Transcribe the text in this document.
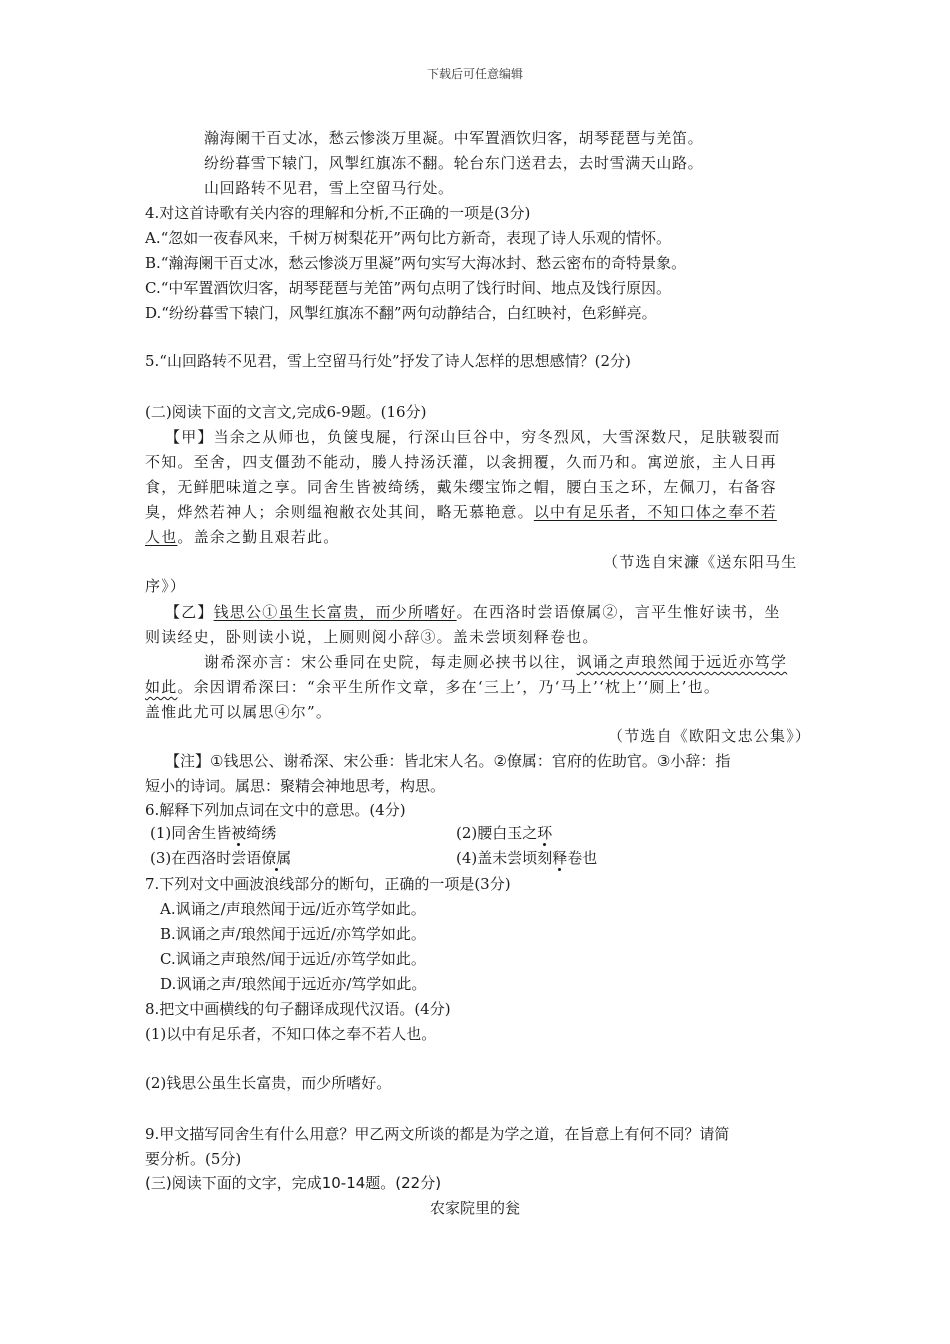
下载后可任意编辑
瀚海阑干百丈冰，愁云惨淡万里凝。中军置酒饮归客，胡琴琵琶与羌笛。
纷纷暮雪下辕门，风掣红旗冻不翻。轮台东门送君去，去时雪满天山路。
山回路转不见君，雪上空留马行处。
4.对这首诗歌有关内容的理解和分析,不正确的一项是(3分)
A.“忽如一夜春风来，千树万树梨花开”两句比方新奇，表现了诗人乐观的情怀。
B.“瀚海阑干百丈冰，愁云惨淡万里凝”两句实写大海冰封、愁云密布的奇特景象。
C.“中军置酒饮归客，胡琴琵琶与羌笛”两句点明了饯行时间、地点及饯行原因。
D.“纷纷暮雪下辕门，风掣红旗冻不翻”两句动静结合，白红映衬，色彩鲜亮。
5.“山回路转不见君，雪上空留马行处”抒发了诗人怎样的思想感情？(2分)
(二)阅读下面的文言文,完成6-9题。(16分)
【甲】当余之从师也，负箧曳屣，行深山巨谷中，穷冬烈风，大雪深数尺，足肤皲裂而
不知。至舍，四支僵劲不能动，媵人持汤沃灌，以衾拥覆，久而乃和。寓逆旅，主人日再
食，无鲜肥味道之享。同舍生皆被绮绣，戴朱缨宝饰之帽，腰白玉之环，左佩刀，右备容
臭，烨然若神人；余则缊袍敝衣处其间，略无慕艳意。以中有足乐者，不知口体之奉不若
人也。盖余之勤且艰若此。
（节选自宋濂《送东阳马生
序》）
【乙】钱思公①虽生长富贵，而少所嗜好。在西洛时尝语僚属②，言平生惟好读书，坐
则读经史，卧则读小说，上厕则阅小辞③。盖未尝顷刻释卷也。
谢希深亦言：宋公垂同在史院，每走厕必挟书以往，讽诵之声琅然闻于远近亦笃学
如此。余因谓希深曰：“余平生所作文章，多在‘三上’，乃‘马上’‘枕上’‘厕上’也。
盖惟此尤可以属思④尔”。
（节选自《欧阳文忠公集》）
【注】①钱思公、谢希深、宋公垂：皆北宋人名。②僚属：官府的佐助官。③小辞：指
短小的诗词。属思：聚精会神地思考，构思。
6.解释下列加点词在文中的意思。(4分)
(1)同舍生皆被绮绣	(2)腰白玉之环
(3)在西洛时尝语僚属	(4)盖未尝顷刻释卷也
7.下列对文中画波浪线部分的断句，正确的一项是(3分)
A.讽诵之/声琅然闻于远/近亦笃学如此。
B.讽诵之声/琅然闻于远近/亦笃学如此。
C.讽诵之声琅然/闻于远近/亦笃学如此。
D.讽诵之声/琅然闻于远近亦/笃学如此。
8.把文中画横线的句子翻译成现代汉语。(4分)
(1)以中有足乐者，不知口体之奉不若人也。
(2)钱思公虽生长富贵，而少所嗜好。
9.甲文描写同舍生有什么用意？甲乙两文所谈的都是为学之道，在旨意上有何不同？请简
要分析。(5分)
(三)阅读下面的文字，完成10-14题。(22分)
农家院里的瓮
